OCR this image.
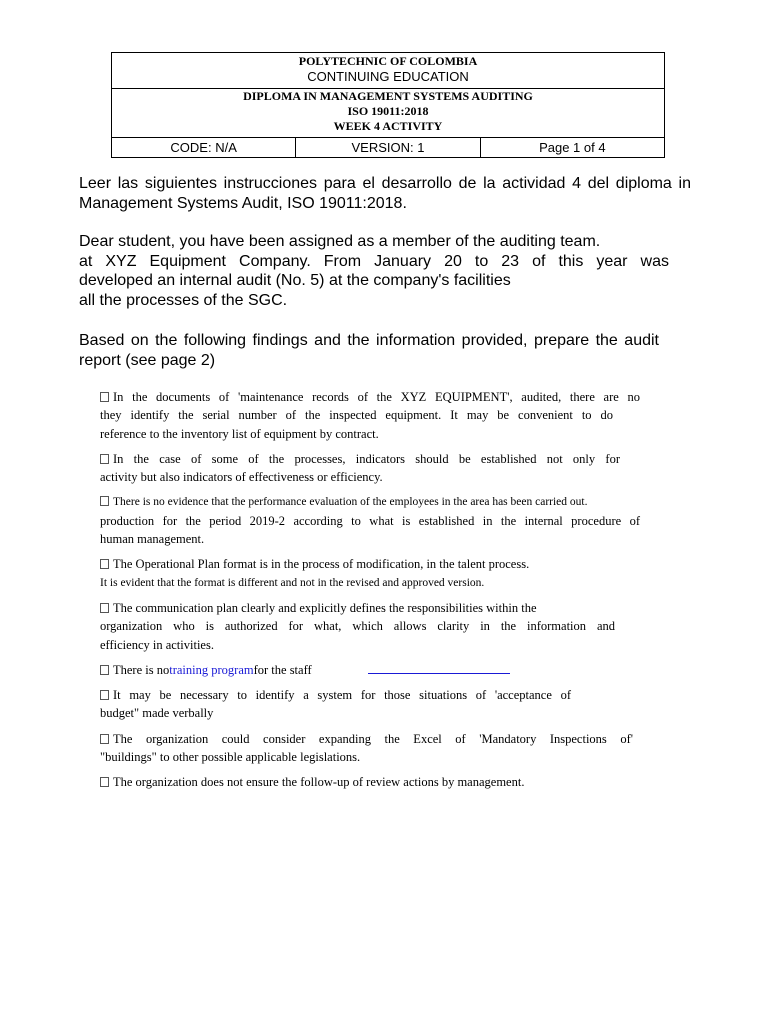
POLYTECHNIC OF COLOMBIA
CONTINUING EDUCATION

DIPLOMA IN MANAGEMENT SYSTEMS AUDITING
ISO 19011:2018
WEEK 4 ACTIVITY

CODE: N/A	VERSION: 1	Page 1 of 4
Leer las siguientes instrucciones para el desarrollo de la actividad 4 del diploma in Management Systems Audit, ISO 19011:2018.
Dear student, you have been assigned as a member of the auditing team.
at XYZ Equipment Company. From January 20 to 23 of this year was
developed an internal audit (No. 5) at the company's facilities
all the processes of the SGC.
Based on the following findings and the information provided, prepare the audit report (see page 2)
In the documents of 'maintenance records of the XYZ EQUIPMENT', audited, there are no
they identify the serial number of the inspected equipment. It may be convenient to do
reference to the inventory list of equipment by contract.
In the case of some of the processes, indicators should be established not only for
activity but also indicators of effectiveness or efficiency.
There is no evidence that the performance evaluation of the employees in the area has been carried out.
production for the period 2019-2 according to what is established in the internal procedure of
human management.
The Operational Plan format is in the process of modification, in the talent process.
It is evident that the format is different and not in the revised and approved version.
The communication plan clearly and explicitly defines the responsibilities within the
organization who is authorized for what, which allows clarity in the information and
efficiency in activities.
There is notraining programfor the staff
It may be necessary to identify a system for those situations of 'acceptance of
budget" made verbally
The organization could consider expanding the Excel of 'Mandatory Inspections of'
"buildings" to other possible applicable legislations.
The organization does not ensure the follow-up of review actions by management.
